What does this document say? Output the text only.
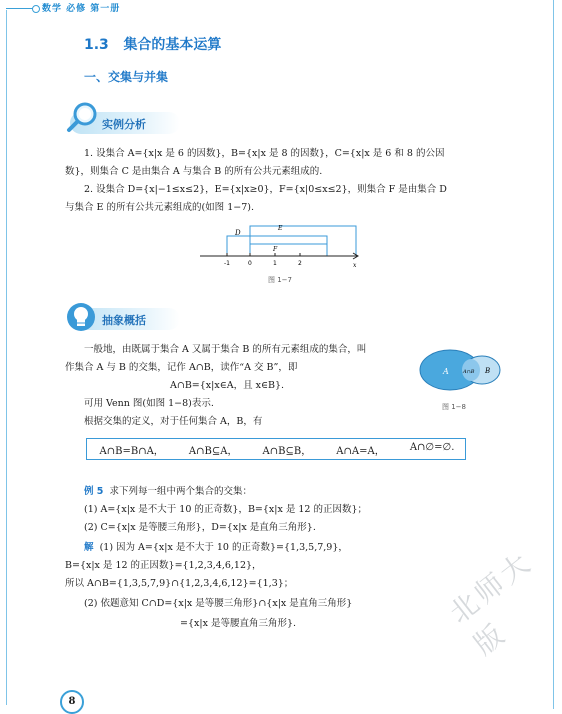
数学 必修 第一册
1.3 集合的基本运算
一、交集与并集
实例分析
1. 设集合 A={x|x 是 6 的因数}，B={x|x 是 8 的因数}，C={x|x 是 6 和 8 的公因
数}，则集合 C 是由集合 A 与集合 B 的所有公共元素组成的.
2. 设集合 D={x|−1≤x≤2}，E={x|x≥0}，F={x|0≤x≤2}，则集合 F 是由集合 D
与集合 E 的所有公共元素组成的(如图 1−7).
D
E
F
x
-1	0	1	2
图 1−7
抽象概括
一般地，由既属于集合 A 又属于集合 B 的所有元素组成的集合，叫
作集合 A 与 B 的交集，记作 A∩B，读作“A 交 B”，即
A∩B={x|x∈A，且 x∈B}.
可用 Venn 图(如图 1−8)表示.
根据交集的定义，对于任何集合 A，B，有
A	B
A∩B
图 1−8
A∩B=B∩A，	A∩B⊆A，	A∩B⊆B，	A∩A=A，	A∩∅=∅.
例 5 求下列每一组中两个集合的交集：
(1) A={x|x 是不大于 10 的正奇数}，B={x|x 是 12 的正因数}；
(2) C={x|x 是等腰三角形}，D={x|x 是直角三角形}.
解 (1) 因为 A={x|x 是不大于 10 的正奇数}={1,3,5,7,9}，
B={x|x 是 12 的正因数}={1,2,3,4,6,12}，
所以 A∩B={1,3,5,7,9}∩{1,2,3,4,6,12}={1,3}；
(2) 依题意知 C∩D={x|x 是等腰三角形}∩{x|x 是直角三角形}
={x|x 是等腰直角三角形}.	北师大版
8
